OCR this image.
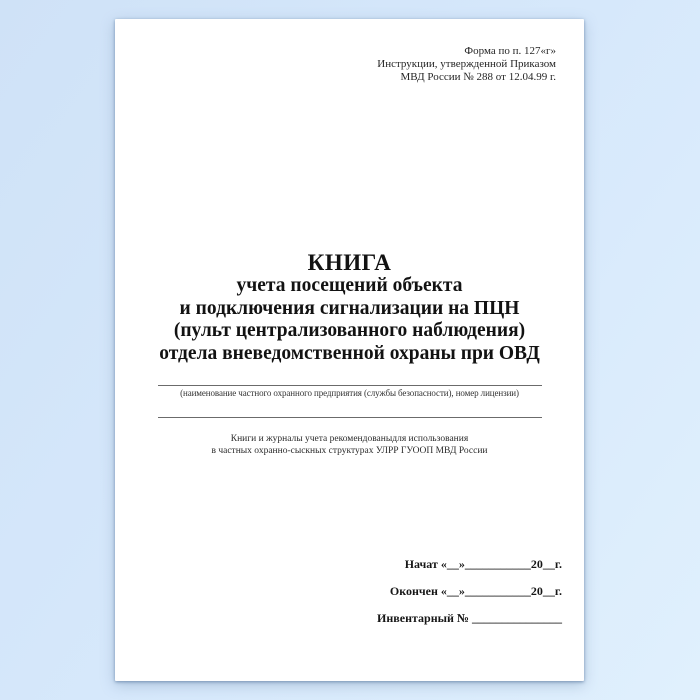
Форма по п. 127«г»
Инструкции, утвержденной Приказом
МВД России № 288 от 12.04.99 г.
КНИГА
учета посещений объекта
и подключения сигнализации на ПЦН
(пульт централизованного наблюдения)
отдела вневедомственной охраны при ОВД
(наименование частного охранного предприятия (службы безопасности), номер лицензии)
Книги и журналы учета рекомендованыдля использования
в частных охранно-сыскных структурах УЛРР ГУООП МВД России
Начат «__»___________20__г.
Окончен «__»___________20__г.
Инвентарный № _______________
